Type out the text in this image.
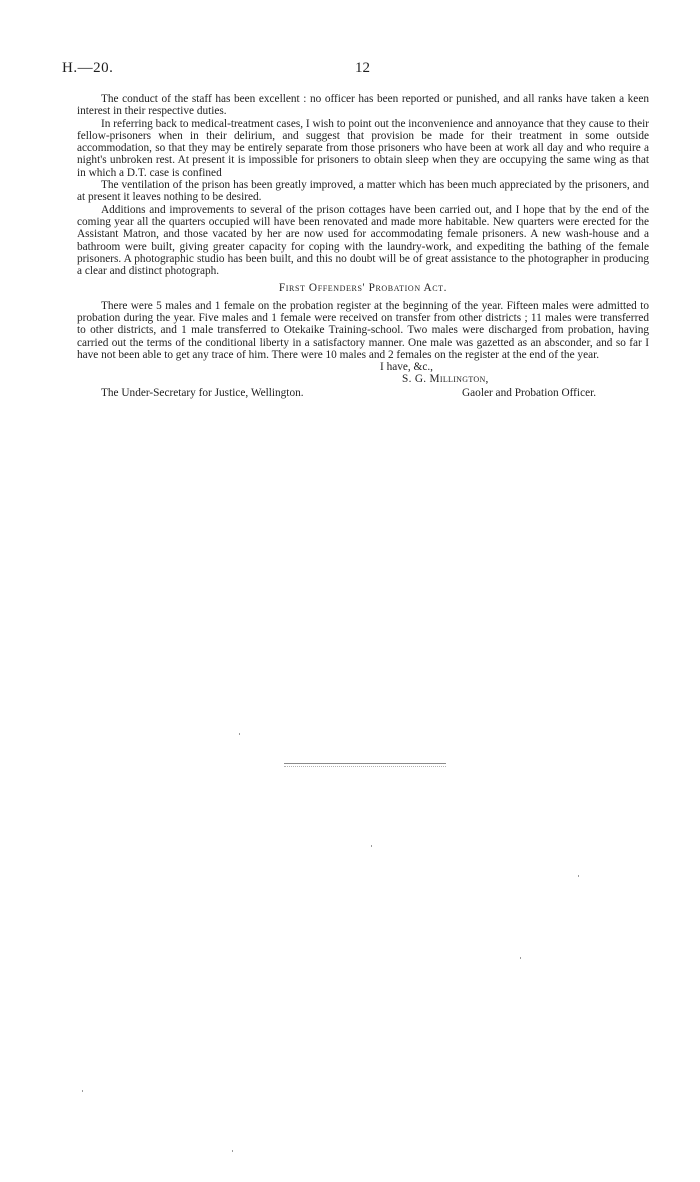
H.—20.	12

The conduct of the staff has been excellent : no officer has been reported or punished, and all ranks have taken a keen interest in their respective duties.

In referring back to medical-treatment cases, I wish to point out the inconvenience and annoyance that they cause to their fellow-prisoners when in their delirium, and suggest that provision be made for their treatment in some outside accommodation, so that they may be entirely separate from those prisoners who have been at work all day and who require a night's unbroken rest. At present it is impossible for prisoners to obtain sleep when they are occupying the same wing as that in which a D.T. case is confined

The ventilation of the prison has been greatly improved, a matter which has been much appreciated by the prisoners, and at present it leaves nothing to be desired.

Additions and improvements to several of the prison cottages have been carried out, and I hope that by the end of the coming year all the quarters occupied will have been renovated and made more habitable. New quarters were erected for the Assistant Matron, and those vacated by her are now used for accommodating female prisoners. A new wash-house and a bathroom were built, giving greater capacity for coping with the laundry-work, and expediting the bathing of the female prisoners. A photographic studio has been built, and this no doubt will be of great assistance to the photographer in producing a clear and distinct photograph.

First Offenders' Probation Act.

There were 5 males and 1 female on the probation register at the beginning of the year. Fifteen males were admitted to probation during the year. Five males and 1 female were received on transfer from other districts ; 11 males were transferred to other districts, and 1 male transferred to Otekaike Training-school. Two males were discharged from probation, having carried out the terms of the conditional liberty in a satisfactory manner. One male was gazetted as an absconder, and so far I have not been able to get any trace of him. There were 10 males and 2 females on the register at the end of the year.

I have, &c.,
S. G. Millington,
The Under-Secretary for Justice, Wellington.	Gaoler and Probation Officer.
